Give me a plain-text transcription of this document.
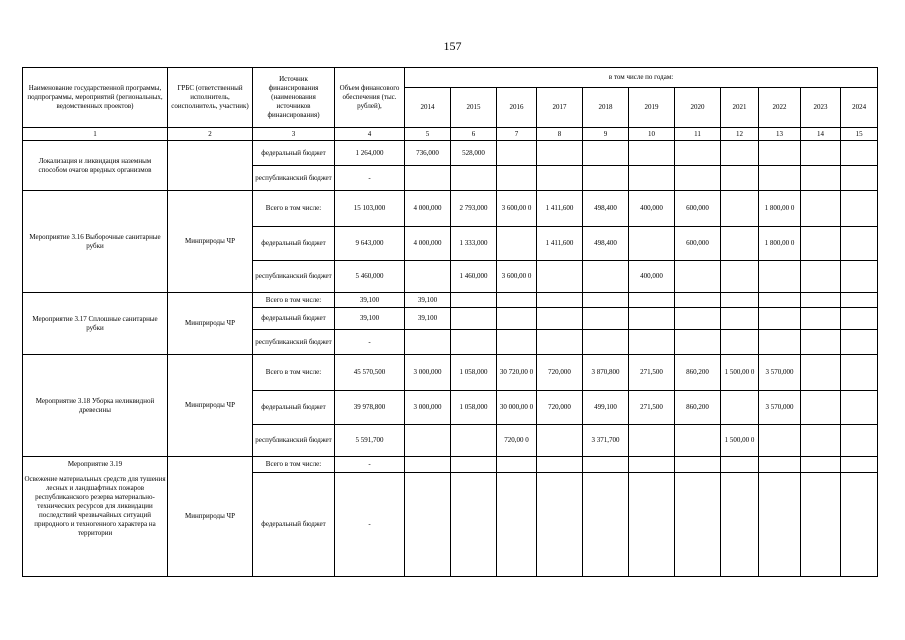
157
Наименование государственной программы, подпрограммы, мероприятий (региональных, ведомственных проектов)	ГРБС (ответственный исполнитель, соисполнитель, участник)	Источник финансирования (наименования источников финансирования)	Объем финансового обеспечения (тыс. рублей),	в том числе по годам:										
				2014	2015	2016	2017	2018	2019	2020	2021	2022	2023	2024
1	2	3	4	5	6	7	8	9	10	11	12	13	14	15

Локализация и ликвидация наземным способом очагов вредных организмов		федеральный бюджет	1 264,000	736,000	528,000									
		республиканский бюджет	-											

Мероприятие 3.16 Выборочные санитарные рубки	Минприроды ЧР	Всего в том числе:	15 103,000	4 000,000	2 793,000	3 600,00 0	1 411,600	498,400	400,000	600,000		1 800,00 0		
		федеральный бюджет	9 643,000	4 000,000	1 333,000		1 411,600	498,400		600,000		1 800,00 0		
		республиканский бюджет	5 460,000		1 460,000	3 600,00 0			400,000					

Мероприятие 3.17 Сплошные санитарные рубки	Минприроды ЧР	Всего в том числе:	39,100	39,100										
		федеральный бюджет	39,100	39,100										
		республиканский бюджет	-											

Мероприятие 3.18 Уборка неликвидной древесины	Минприроды ЧР	Всего в том числе:	45 570,500	3 000,000	1 058,000	30 720,00 0	720,000	3 870,800	271,500	860,200	1 500,00 0	3 570,000		
		федеральный бюджет	39 978,800	3 000,000	1 058,000	30 000,00 0	720,000	499,100	271,500	860,200		3 570,000		
		республиканский бюджет	5 591,700			720,00 0		3 371,700			1 500,00 0			

Мероприятие 3.19
Освежение материальных средств для тушения лесных и ландшафтных пожаров республиканского резерва материально-технических ресурсов для ликвидации последствий чрезвычайных ситуаций природного и техногенного характера на территории	Минприроды ЧР	Всего в том числе:	-											
		федеральный бюджет	-											
